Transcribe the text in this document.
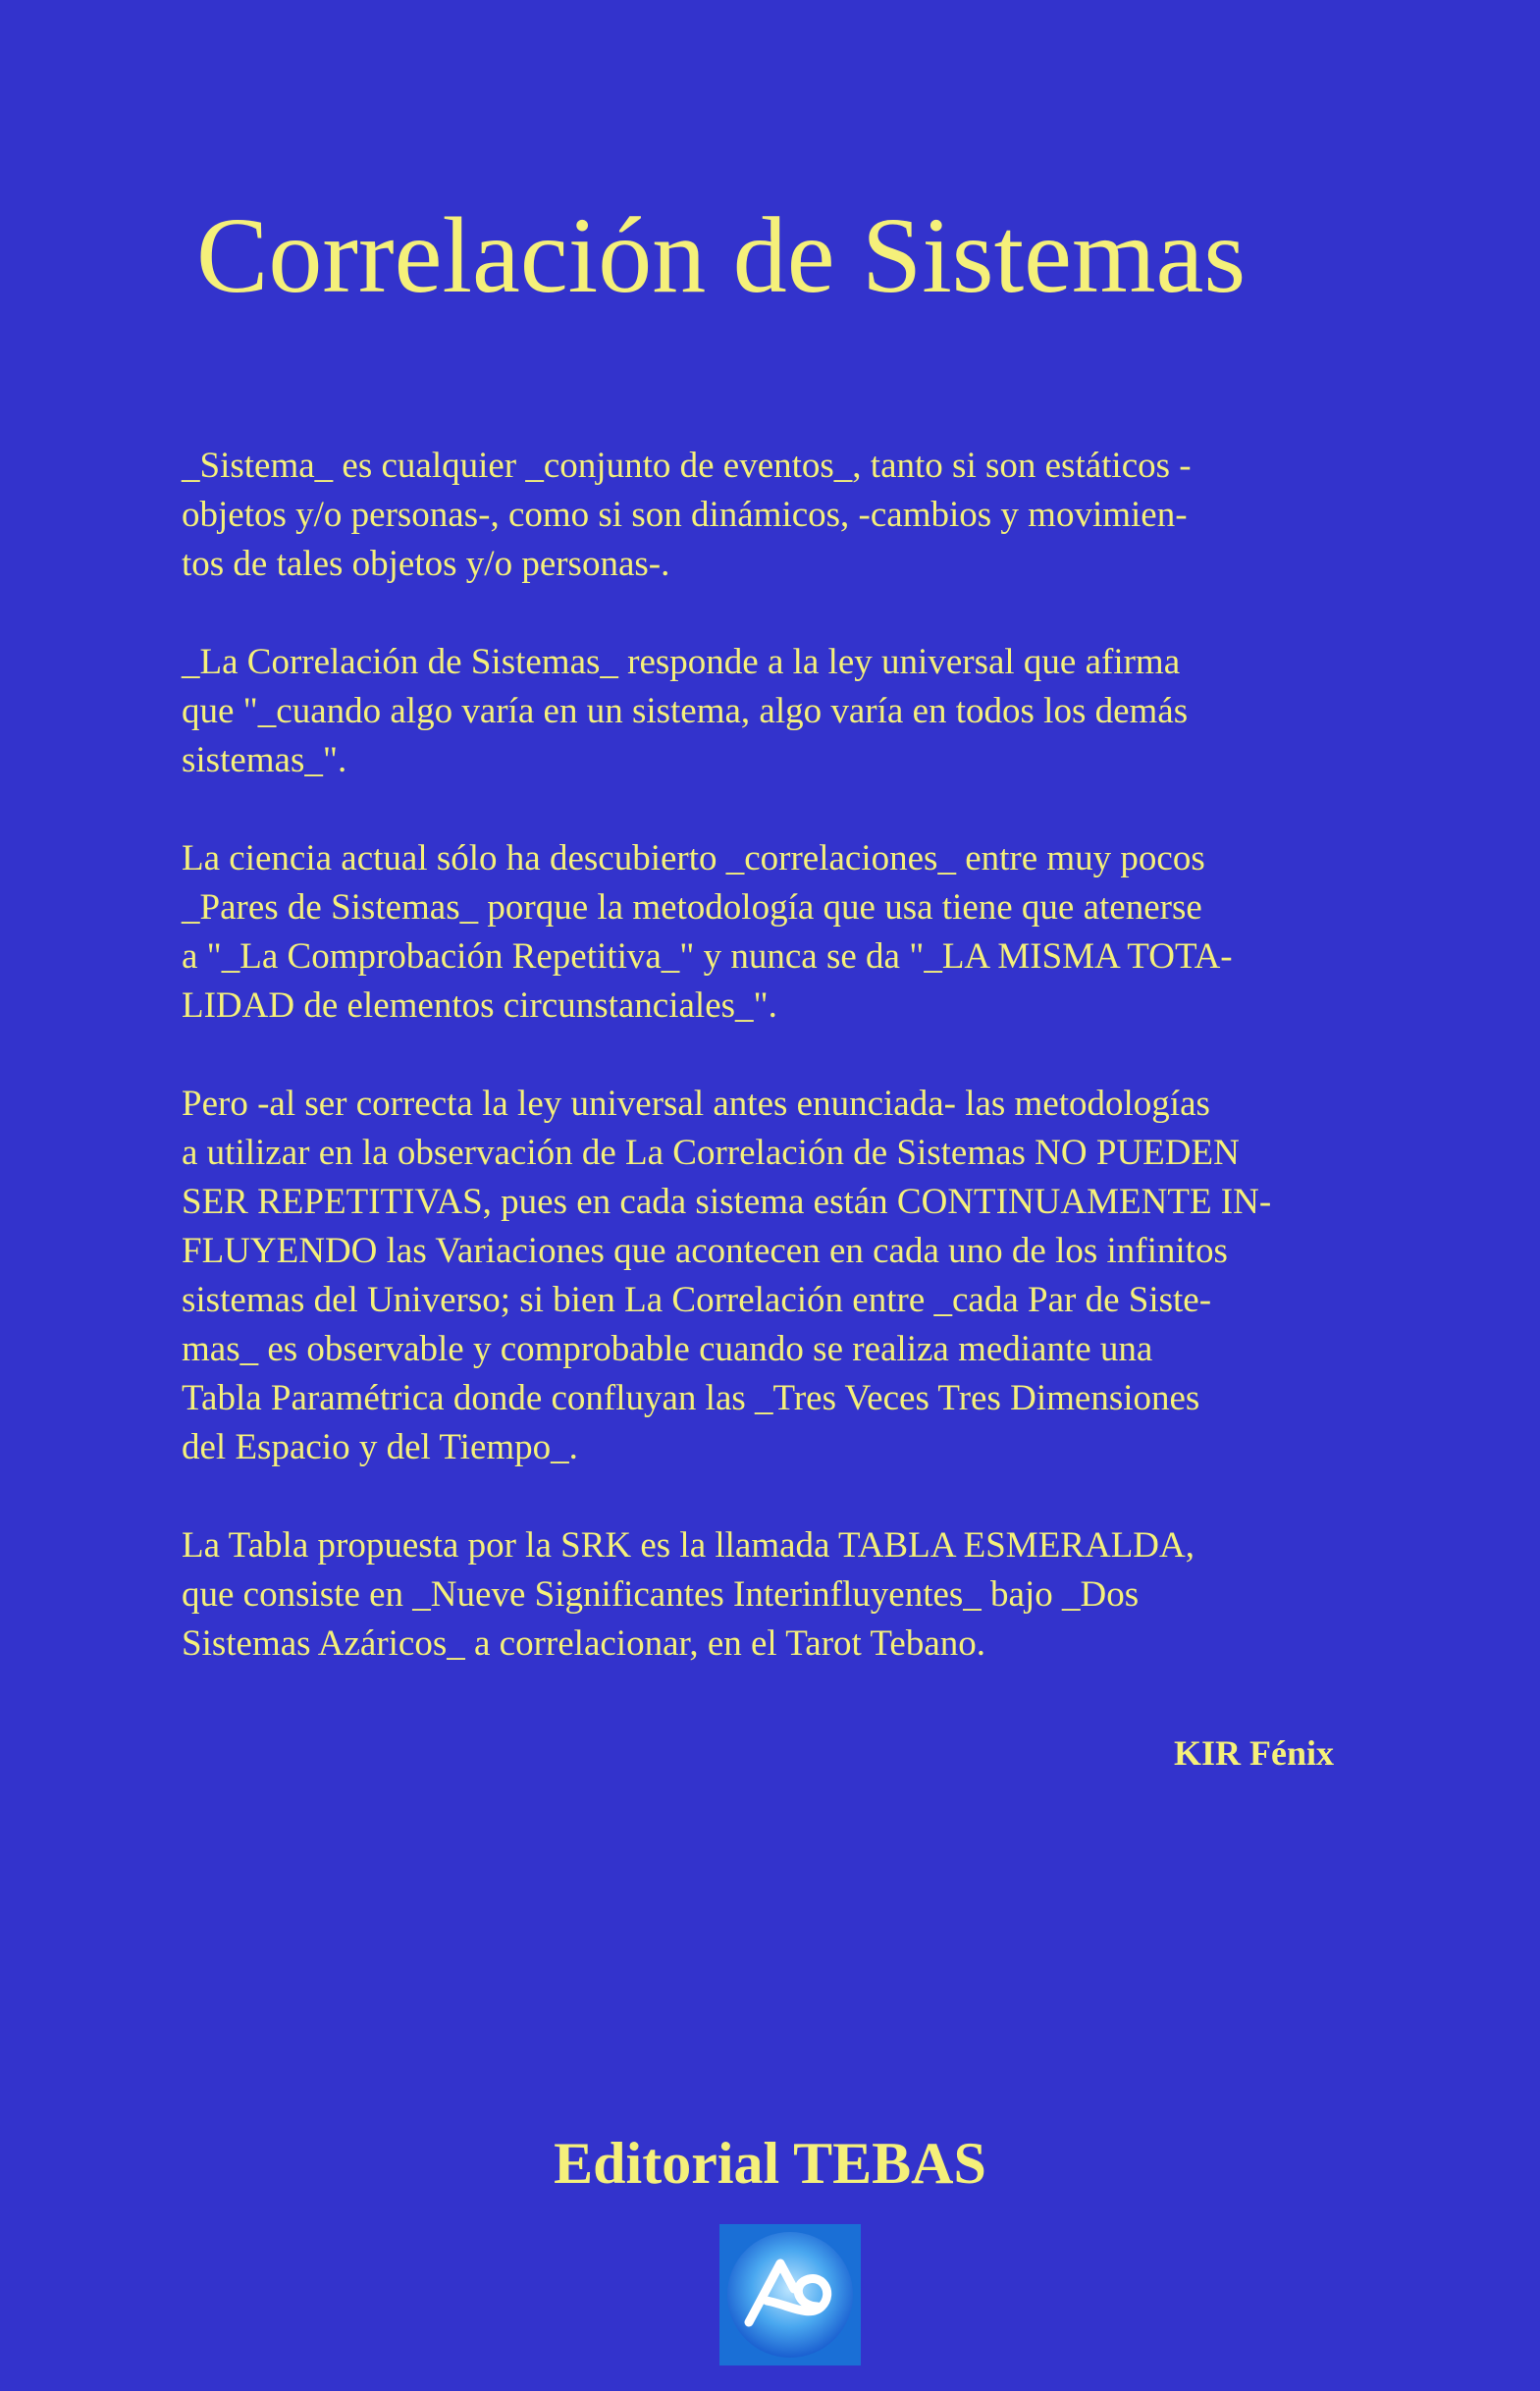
Correlación de Sistemas

_Sistema_ es cualquier _conjunto de eventos_, tanto si son estáticos -
objetos y/o personas-, como si son dinámicos, -cambios y movimien-
tos de tales objetos y/o personas-.

_La Correlación de Sistemas_ responde a la ley universal que afirma
que "_cuando algo varía en un sistema, algo varía en todos los demás
sistemas_".

La ciencia actual sólo ha descubierto _correlaciones_ entre muy pocos
_Pares de Sistemas_ porque la metodología que usa tiene que atenerse
a "_La Comprobación Repetitiva_" y nunca se da "_LA MISMA TOTA-
LIDAD de elementos circunstanciales_".

Pero -al ser correcta la ley universal antes enunciada- las metodologías
a utilizar en la observación de La Correlación de Sistemas NO PUEDEN
SER REPETITIVAS, pues en cada sistema están CONTINUAMENTE IN-
FLUYENDO las Variaciones que acontecen en cada uno de los infinitos
sistemas del Universo; si bien La Correlación entre _cada Par de Siste-
mas_ es observable y comprobable cuando se realiza mediante una
Tabla Paramétrica donde confluyan las _Tres Veces Tres Dimensiones
del Espacio y del Tiempo_.

La Tabla propuesta por la SRK es la llamada TABLA ESMERALDA,
que consiste en _Nueve Significantes Interinfluyentes_ bajo _Dos
Sistemas Azáricos_ a correlacionar, en el Tarot Tebano.

KIR Fénix
Editorial TEBAS
